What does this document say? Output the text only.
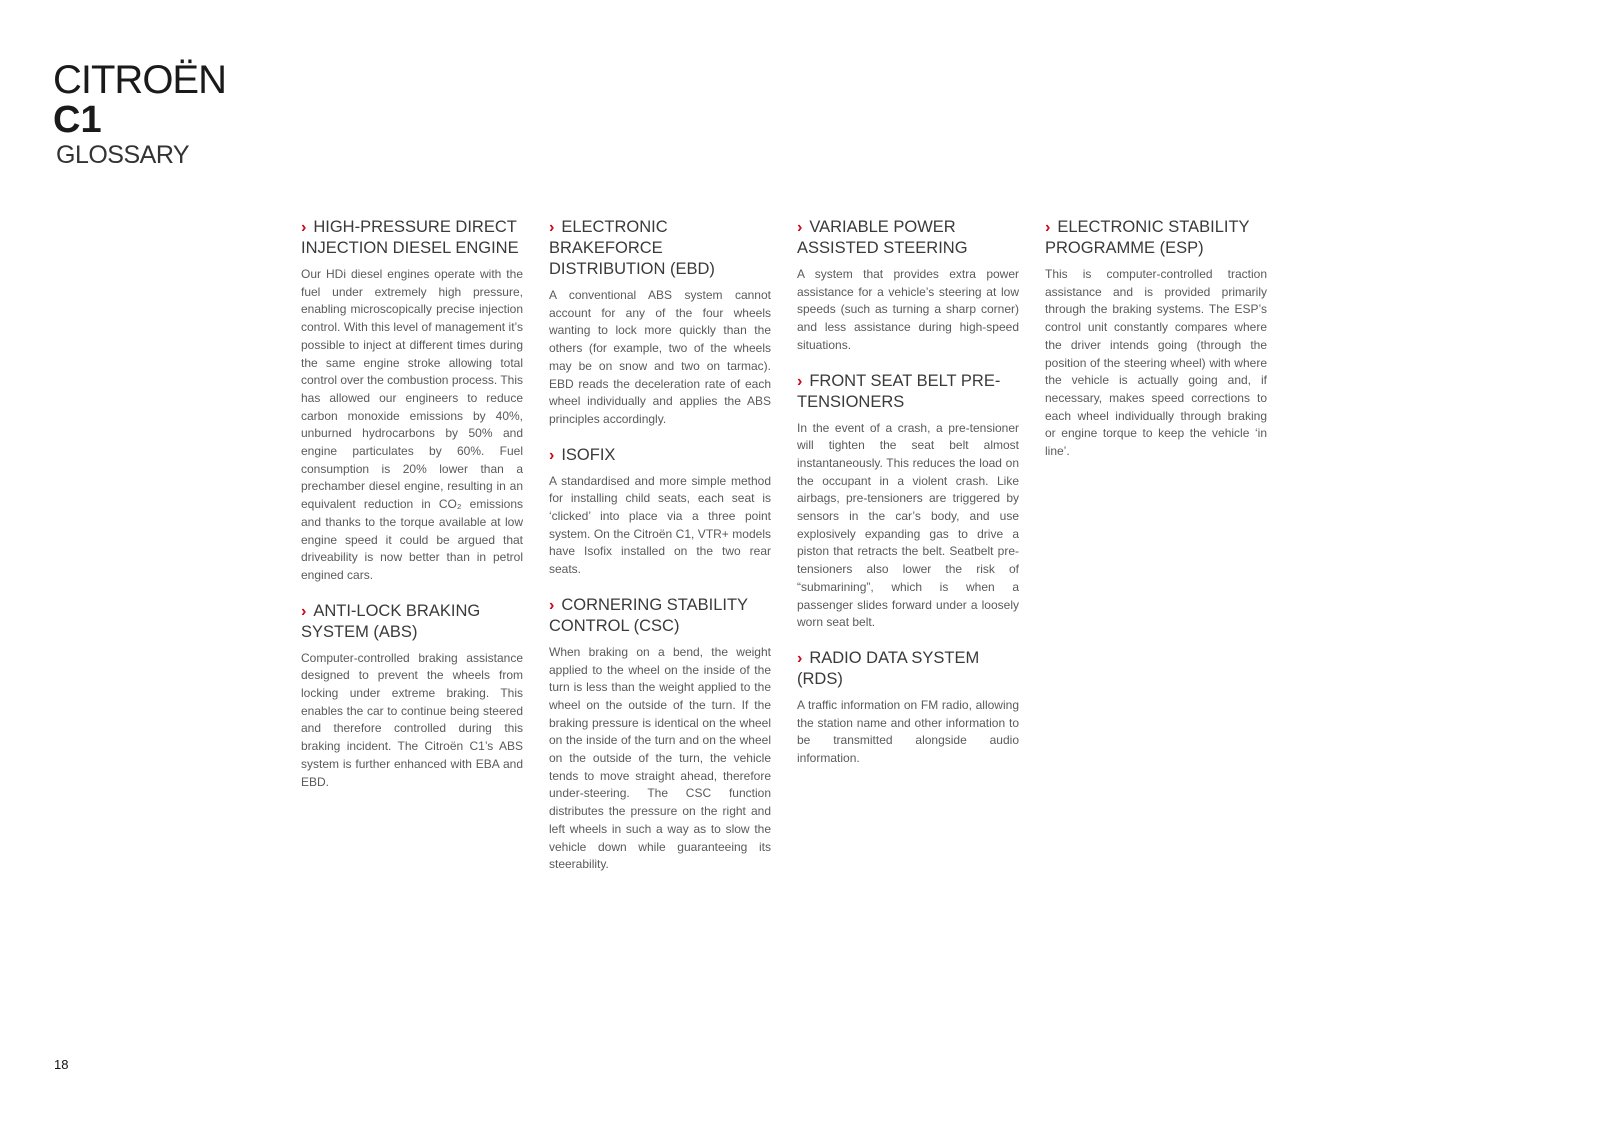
CITROËN
C1
GLOSSARY
› HIGH-PRESSURE DIRECT INJECTION DIESEL ENGINE

Our HDi diesel engines operate with the fuel under extremely high pressure, enabling microscopically precise injection control. With this level of management it’s possible to inject at different times during the same engine stroke allowing total control over the combustion process. This has allowed our engineers to reduce carbon monoxide emissions by 40%, unburned hydrocarbons by 50% and engine particulates by 60%. Fuel consumption is 20% lower than a prechamber diesel engine, resulting in an equivalent reduction in CO₂ emissions and thanks to the torque available at low engine speed it could be argued that driveability is now better than in petrol engined cars.

› ANTI-LOCK BRAKING SYSTEM (ABS)

Computer-controlled braking assistance designed to prevent the wheels from locking under extreme braking. This enables the car to continue being steered and therefore controlled during this braking incident. The Citroën C1’s ABS system is further enhanced with EBA and EBD.

› ELECTRONIC BRAKEFORCE DISTRIBUTION (EBD)

A conventional ABS system cannot account for any of the four wheels wanting to lock more quickly than the others (for example, two of the wheels may be on snow and two on tarmac). EBD reads the deceleration rate of each wheel individually and applies the ABS principles accordingly.

› ISOFIX

A standardised and more simple method for installing child seats, each seat is ‘clicked’ into place via a three point system. On the Citroën C1, VTR+ models have Isofix installed on the two rear seats.

› CORNERING STABILITY CONTROL (CSC)

When braking on a bend, the weight applied to the wheel on the inside of the turn is less than the weight applied to the wheel on the outside of the turn. If the braking pressure is identical on the wheel on the inside of the turn and on the wheel on the outside of the turn, the vehicle tends to move straight ahead, therefore under-steering. The CSC function distributes the pressure on the right and left wheels in such a way as to slow the vehicle down while guaranteeing its steerability.

› VARIABLE POWER ASSISTED STEERING

A system that provides extra power assistance for a vehicle’s steering at low speeds (such as turning a sharp corner) and less assistance during high-speed situations.

› FRONT SEAT BELT PRE-TENSIONERS

In the event of a crash, a pre-tensioner will tighten the seat belt almost instantaneously. This reduces the load on the occupant in a violent crash. Like airbags, pre-tensioners are triggered by sensors in the car’s body, and use explosively expanding gas to drive a piston that retracts the belt. Seatbelt pre-tensioners also lower the risk of “submarining”, which is when a passenger slides forward under a loosely worn seat belt.

› RADIO DATA SYSTEM (RDS)

A traffic information on FM radio, allowing the station name and other information to be transmitted alongside audio information.

› ELECTRONIC STABILITY PROGRAMME (ESP)

This is computer-controlled traction assistance and is provided primarily through the braking systems. The ESP’s control unit constantly compares where the driver intends going (through the position of the steering wheel) with where the vehicle is actually going and, if necessary, makes speed corrections to each wheel individually through braking or engine torque to keep the vehicle ‘in line’.

18
